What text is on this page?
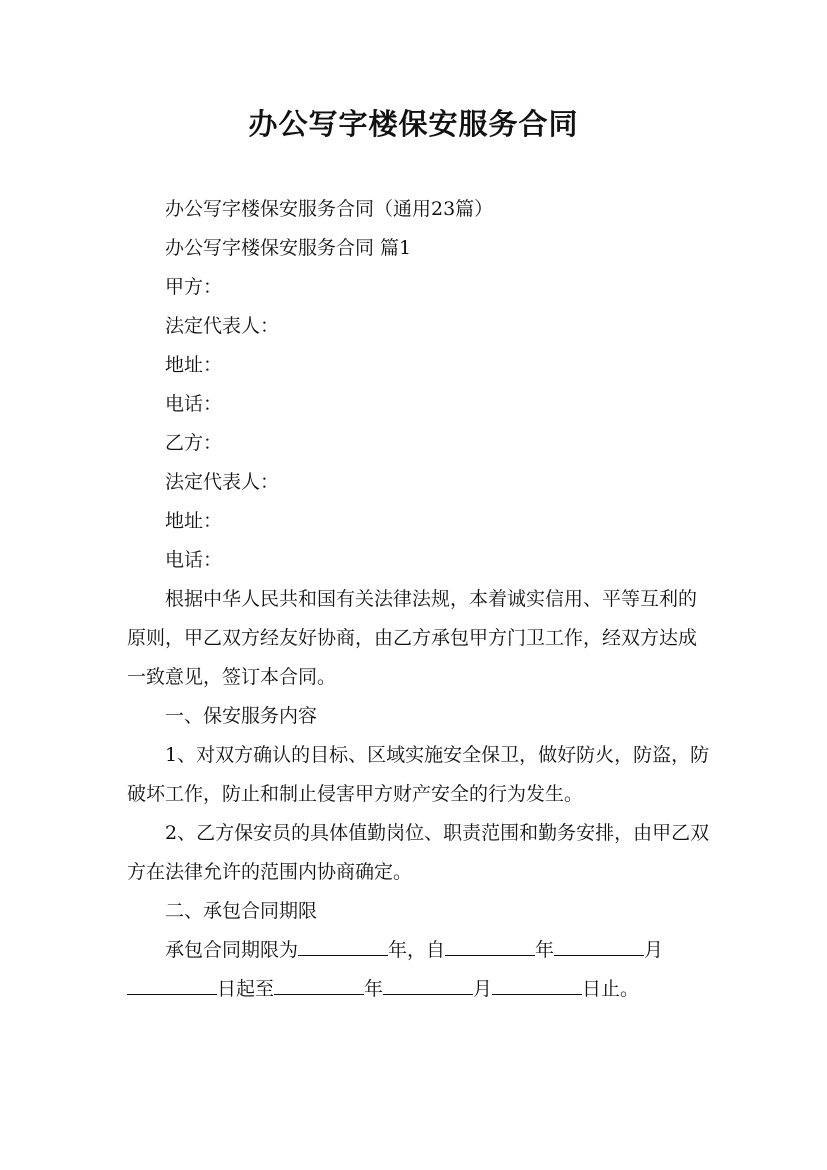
办公写字楼保安服务合同

办公写字楼保安服务合同（通用23篇）

办公写字楼保安服务合同 篇1

甲方：

法定代表人：

地址：

电话：

乙方：

法定代表人：

地址：

电话：

根据中华人民共和国有关法律法规，本着诚实信用、平等互利的原则，甲乙双方经友好协商，由乙方承包甲方门卫工作，经双方达成一致意见，签订本合同。

一、保安服务内容

1、对双方确认的目标、区域实施安全保卫，做好防火，防盗，防破坏工作，防止和制止侵害甲方财产安全的行为发生。

2、乙方保安员的具体值勤岗位、职责范围和勤务安排，由甲乙双方在法律允许的范围内协商确定。

二、承包合同期限

承包合同期限为	年，自	年	月日起至	年	月	日止。
